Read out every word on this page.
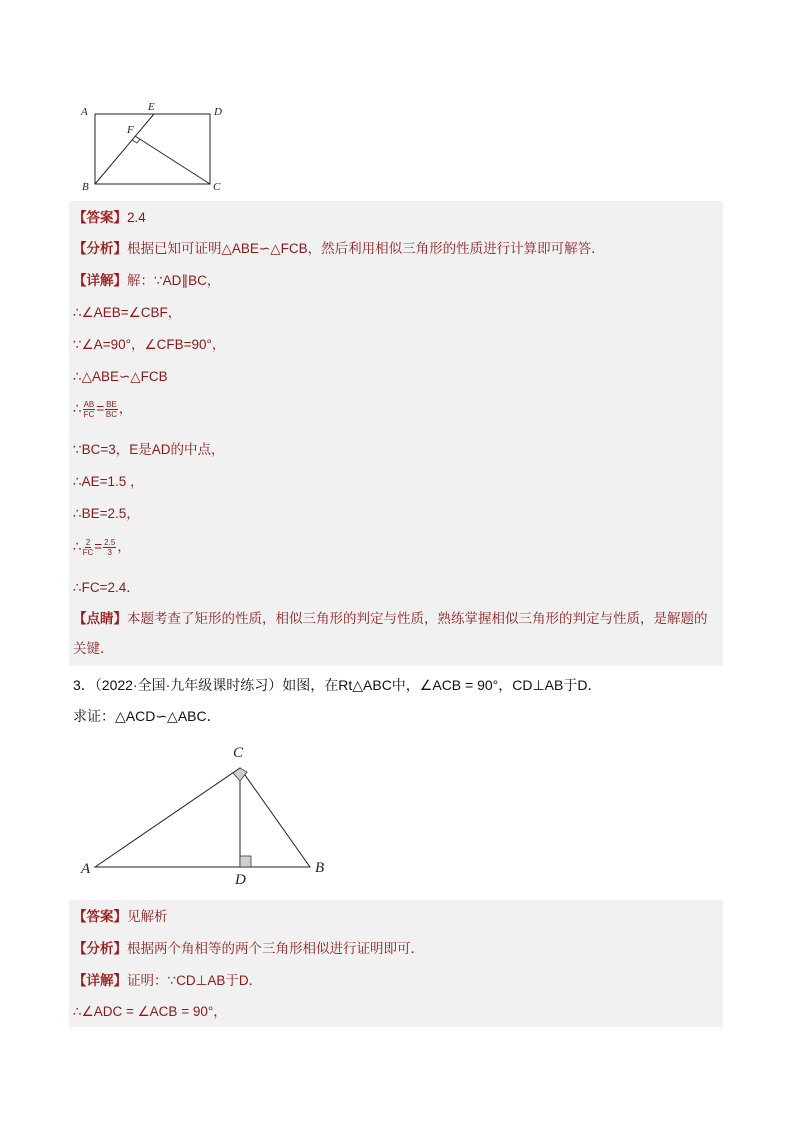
A	E	D
F
B	C
【答案】2.4
【分析】根据已知可证明△ABE∽△FCB，然后利用相似三角形的性质进行计算即可解答．
【详解】解：∵AD∥BC，
∴∠AEB=∠CBF，
∵∠A=90°，∠CFB=90°，
∴△ABE∽△FCB
∴ $\frac{AB}{FC} = \frac{BE}{BC}$ ，
∵BC=3，E是AD的中点，
∴AE=1.5 ，
∴BE=2.5，
∴ $\frac{2}{FC} = \frac{2.5}{3}$ ，
∴FC=2.4．
【点睛】本题考查了矩形的性质，相似三角形的判定与性质，熟练掌握相似三角形的判定与性质，是解题的关键．
3．（2022·全国·九年级课时练习）如图，在Rt△ABC中，∠ACB = 90°，CD⊥AB于D．
求证：△ACD∽△ABC．
C
A
D
B
【答案】见解析
【分析】根据两个角相等的两个三角形相似进行证明即可．
【详解】证明：∵CD⊥AB于D．
∴∠ADC = ∠ACB = 90°，
